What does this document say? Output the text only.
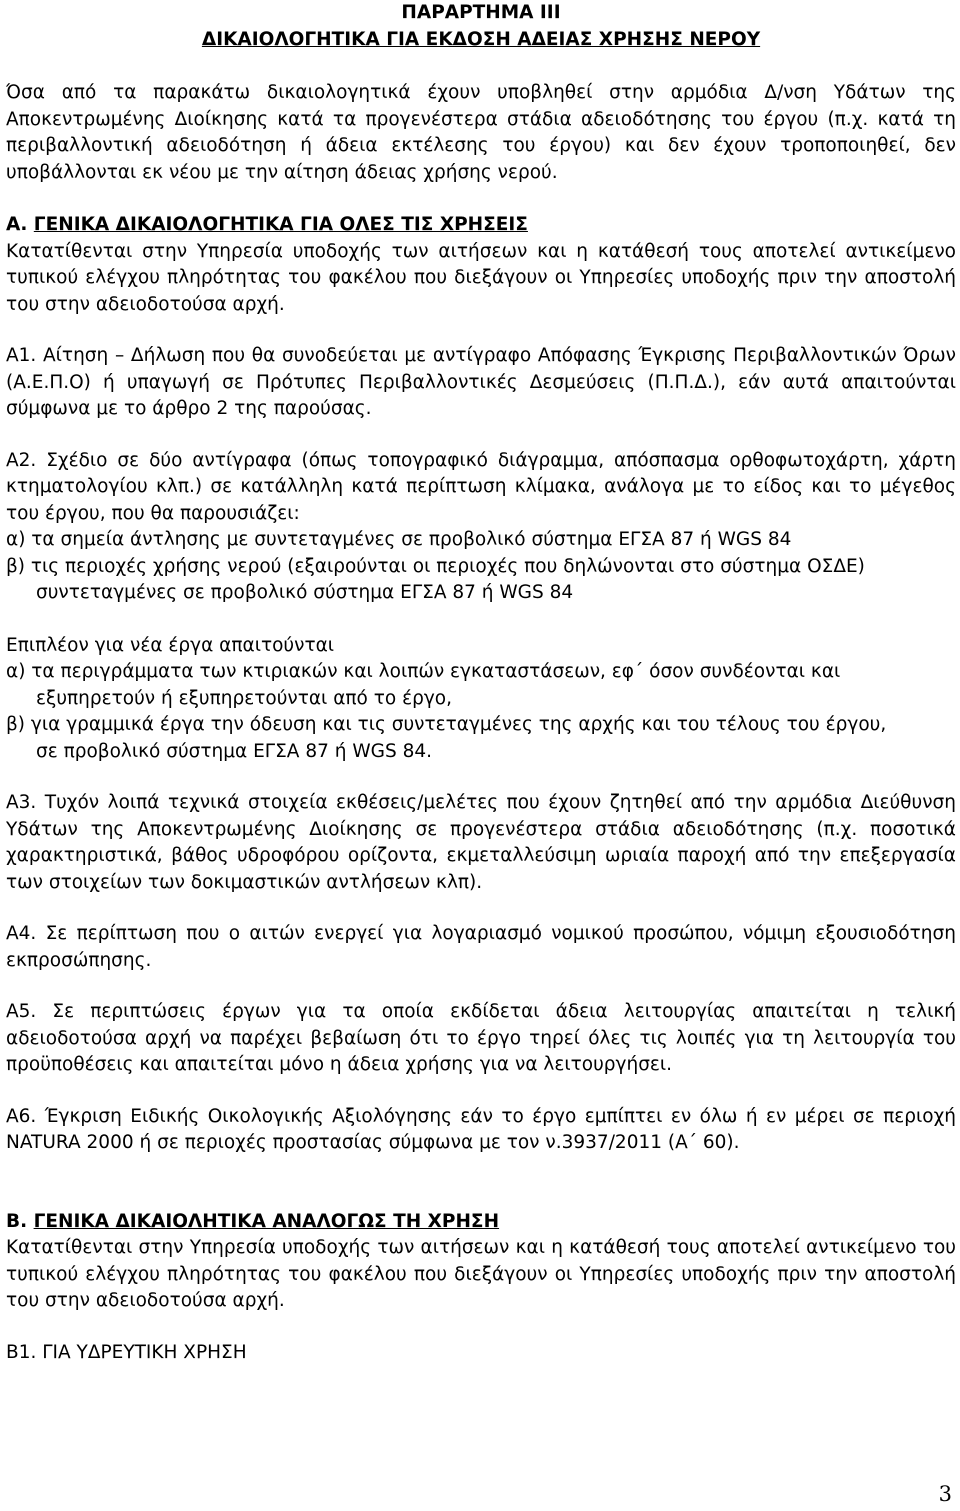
ΠΑΡΑΡΤΗΜΑ ΙΙΙ
ΔΙΚΑΙΟΛΟΓΗΤΙΚΑ ΓΙΑ ΕΚΔΟΣΗ ΑΔΕΙΑΣ ΧΡΗΣΗΣ ΝΕΡΟΥ

Όσα από τα παρακάτω δικαιολογητικά έχουν υποβληθεί στην αρμόδια Δ/νση Υδάτων της Αποκεντρωμένης Διοίκησης κατά τα προγενέστερα στάδια αδειοδότησης του έργου (π.χ. κατά τη περιβαλλοντική αδειοδότηση ή άδεια εκτέλεσης του έργου) και δεν έχουν τροποποιηθεί, δεν υποβάλλονται εκ νέου με την αίτηση άδειας χρήσης νερού.

Α. ΓΕΝΙΚΑ ΔΙΚΑΙΟΛΟΓΗΤΙΚΑ ΓΙΑ ΟΛΕΣ ΤΙΣ ΧΡΗΣΕΙΣ

Κατατίθενται στην Υπηρεσία υποδοχής των αιτήσεων και η κατάθεσή τους αποτελεί αντικείμενο τυπικού ελέγχου πληρότητας του φακέλου που διεξάγουν οι Υπηρεσίες υποδοχής πριν την αποστολή του στην αδειοδοτούσα αρχή.

Α1. Αίτηση – Δήλωση που θα συνοδεύεται με αντίγραφο Απόφασης Έγκρισης Περιβαλλοντικών Όρων (Α.Ε.Π.Ο) ή υπαγωγή σε Πρότυπες Περιβαλλοντικές Δεσμεύσεις (Π.Π.Δ.), εάν αυτά απαιτούνται σύμφωνα με το άρθρο 2 της παρούσας.

Α2. Σχέδιο σε δύο αντίγραφα (όπως τοπογραφικό διάγραμμα, απόσπασμα ορθοφωτοχάρτη, χάρτη κτηματολογίου κλπ.) σε κατάλληλη κατά περίπτωση κλίμακα, ανάλογα με το είδος και το μέγεθος του έργου, που θα παρουσιάζει:

α) τα σημεία άντλησης με συντεταγμένες σε προβολικό σύστημα ΕΓΣΑ 87 ή WGS 84
β) τις περιοχές χρήσης νερού (εξαιρούνται οι περιοχές που δηλώνονται στο σύστημα ΟΣΔΕ)
συντεταγμένες σε προβολικό σύστημα ΕΓΣΑ 87 ή WGS 84
Επιπλέον για νέα έργα απαιτούνται
α) τα περιγράμματα των κτιριακών και λοιπών εγκαταστάσεων, εφ΄ όσον συνδέονται και
εξυπηρετούν ή εξυπηρετούνται από το έργο,
β) για γραμμικά έργα την όδευση και τις συντεταγμένες της αρχής και του τέλους του έργου,
σε προβολικό σύστημα ΕΓΣΑ 87 ή WGS 84.

Α3. Τυχόν λοιπά τεχνικά στοιχεία εκθέσεις/μελέτες που έχουν ζητηθεί από την αρμόδια Διεύθυνση Υδάτων της Αποκεντρωμένης Διοίκησης σε προγενέστερα στάδια αδειοδότησης (π.χ. ποσοτικά χαρακτηριστικά, βάθος υδροφόρου ορίζοντα, εκμεταλλεύσιμη ωριαία παροχή από την επεξεργασία των στοιχείων των δοκιμαστικών αντλήσεων κλπ).

Α4. Σε περίπτωση που ο αιτών ενεργεί για λογαριασμό νομικού προσώπου, νόμιμη εξουσιοδότηση εκπροσώπησης.

Α5. Σε περιπτώσεις έργων για τα οποία εκδίδεται άδεια λειτουργίας απαιτείται η τελική αδειοδοτούσα αρχή να παρέχει βεβαίωση ότι το έργο τηρεί όλες τις λοιπές για τη λειτουργία του προϋποθέσεις και απαιτείται μόνο η άδεια χρήσης για να λειτουργήσει.

Α6. Έγκριση Ειδικής Οικολογικής Αξιολόγησης εάν το έργο εμπίπτει εν όλω ή εν μέρει σε περιοχή NATURA 2000 ή σε περιοχές προστασίας σύμφωνα με τον ν.3937/2011 (Α΄ 60).

Β. ΓΕΝΙΚΑ ΔΙΚΑΙΟΛΗΤΙΚΑ ΑΝΑΛΟΓΩΣ ΤΗ ΧΡΗΣΗ

Κατατίθενται στην Υπηρεσία υποδοχής των αιτήσεων και η κατάθεσή τους αποτελεί αντικείμενο του τυπικού ελέγχου πληρότητας του φακέλου που διεξάγουν οι Υπηρεσίες υποδοχής πριν την αποστολή του στην αδειοδοτούσα αρχή.

Β1. ΓΙΑ ΥΔΡΕΥΤΙΚΗ ΧΡΗΣΗ

3
